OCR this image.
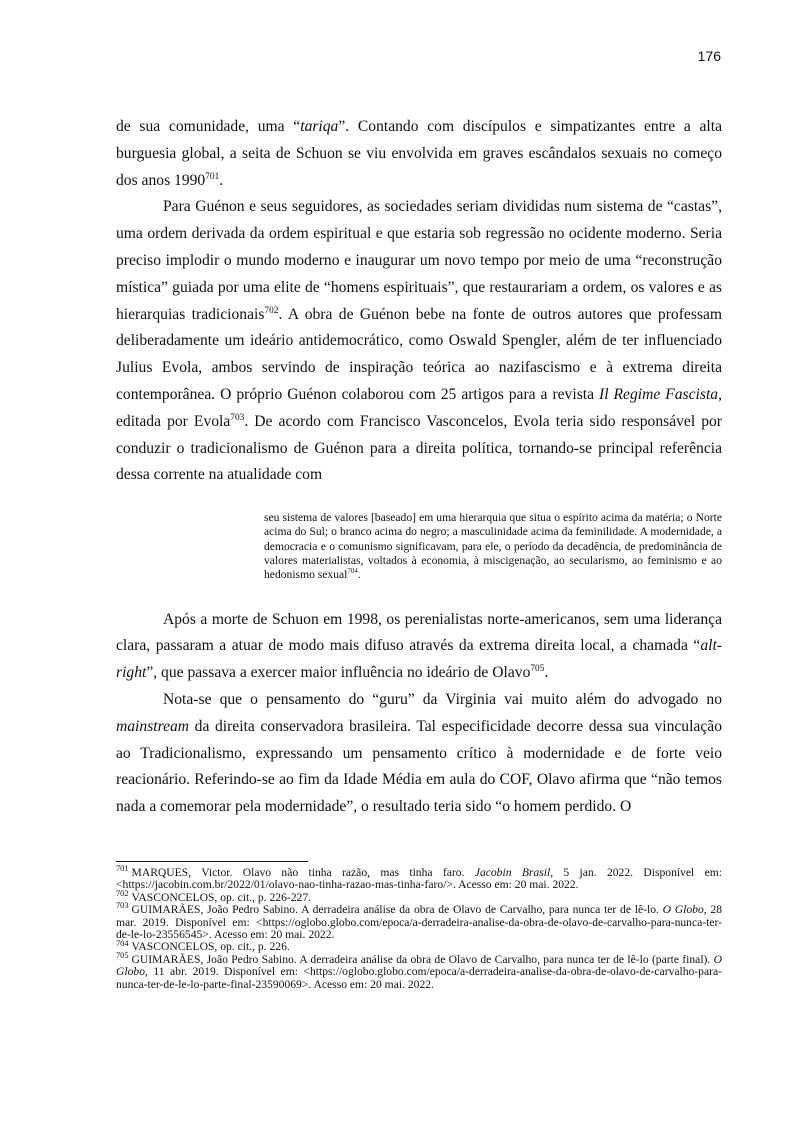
176

de sua comunidade, uma “tariqa”. Contando com discípulos e simpatizantes entre a alta burguesia global, a seita de Schuon se viu envolvida em graves escândalos sexuais no começo dos anos 1990$^{701}$.

Para Guénon e seus seguidores, as sociedades seriam divididas num sistema de “castas”, uma ordem derivada da ordem espiritual e que estaria sob regressão no ocidente moderno. Seria preciso implodir o mundo moderno e inaugurar um novo tempo por meio de uma “reconstrução mística” guiada por uma elite de “homens espirituais”, que restaurariam a ordem, os valores e as hierarquias tradicionais$^{702}$. A obra de Guénon bebe na fonte de outros autores que professam deliberadamente um ideário antidemocrático, como Oswald Spengler, além de ter influenciado Julius Evola, ambos servindo de inspiração teórica ao nazifascismo e à extrema direita contemporânea. O próprio Guénon colaborou com 25 artigos para a revista Il Regime Fascista, editada por Evola$^{703}$. De acordo com Francisco Vasconcelos, Evola teria sido responsável por conduzir o tradicionalismo de Guénon para a direita política, tornando-se principal referência dessa corrente na atualidade com

seu sistema de valores [baseado] em uma hierarquia que situa o espírito acima da matéria; o Norte acima do Sul; o branco acima do negro; a masculinidade acima da feminilidade. A modernidade, a democracia e o comunismo significavam, para ele, o período da decadência, de predominância de valores materialistas, voltados à economia, à miscigenação, ao secularismo, ao feminismo e ao hedonismo sexual$^{704}$.

Após a morte de Schuon em 1998, os perenialistas norte-americanos, sem uma liderança clara, passaram a atuar de modo mais difuso através da extrema direita local, a chamada “alt-right”, que passava a exercer maior influência no ideário de Olavo$^{705}$.

Nota-se que o pensamento do “guru” da Virginia vai muito além do advogado no mainstream da direita conservadora brasileira. Tal especificidade decorre dessa sua vinculação ao Tradicionalismo, expressando um pensamento crítico à modernidade e de forte veio reacionário. Referindo-se ao fim da Idade Média em aula do COF, Olavo afirma que “não temos nada a comemorar pela modernidade”, o resultado teria sido “o homem perdido. O

$^{701}$ MARQUES, Victor. Olavo não tinha razão, mas tinha faro. Jacobin Brasil, 5 jan. 2022. Disponível em: <https://jacobin.com.br/2022/01/olavo-nao-tinha-razao-mas-tinha-faro/>. Acesso em: 20 mai. 2022.

$^{702}$ VASCONCELOS, op. cit., p. 226-227.

$^{703}$ GUIMARÃES, João Pedro Sabino. A derradeira análise da obra de Olavo de Carvalho, para nunca ter de lê-lo. O Globo, 28 mar. 2019. Disponível em: <https://oglobo.globo.com/epoca/a-derradeira-analise-da-obra-de-olavo-de-carvalho-para-nunca-ter-de-le-lo-23556545>. Acesso em: 20 mai. 2022.

$^{704}$ VASCONCELOS, op. cit., p. 226.

$^{705}$ GUIMARÃES, João Pedro Sabino. A derradeira análise da obra de Olavo de Carvalho, para nunca ter de lê-lo (parte final). O Globo, 11 abr. 2019. Disponível em: <https://oglobo.globo.com/epoca/a-derradeira-analise-da-obra-de-olavo-de-carvalho-para-nunca-ter-de-le-lo-parte-final-23590069>. Acesso em: 20 mai. 2022.
